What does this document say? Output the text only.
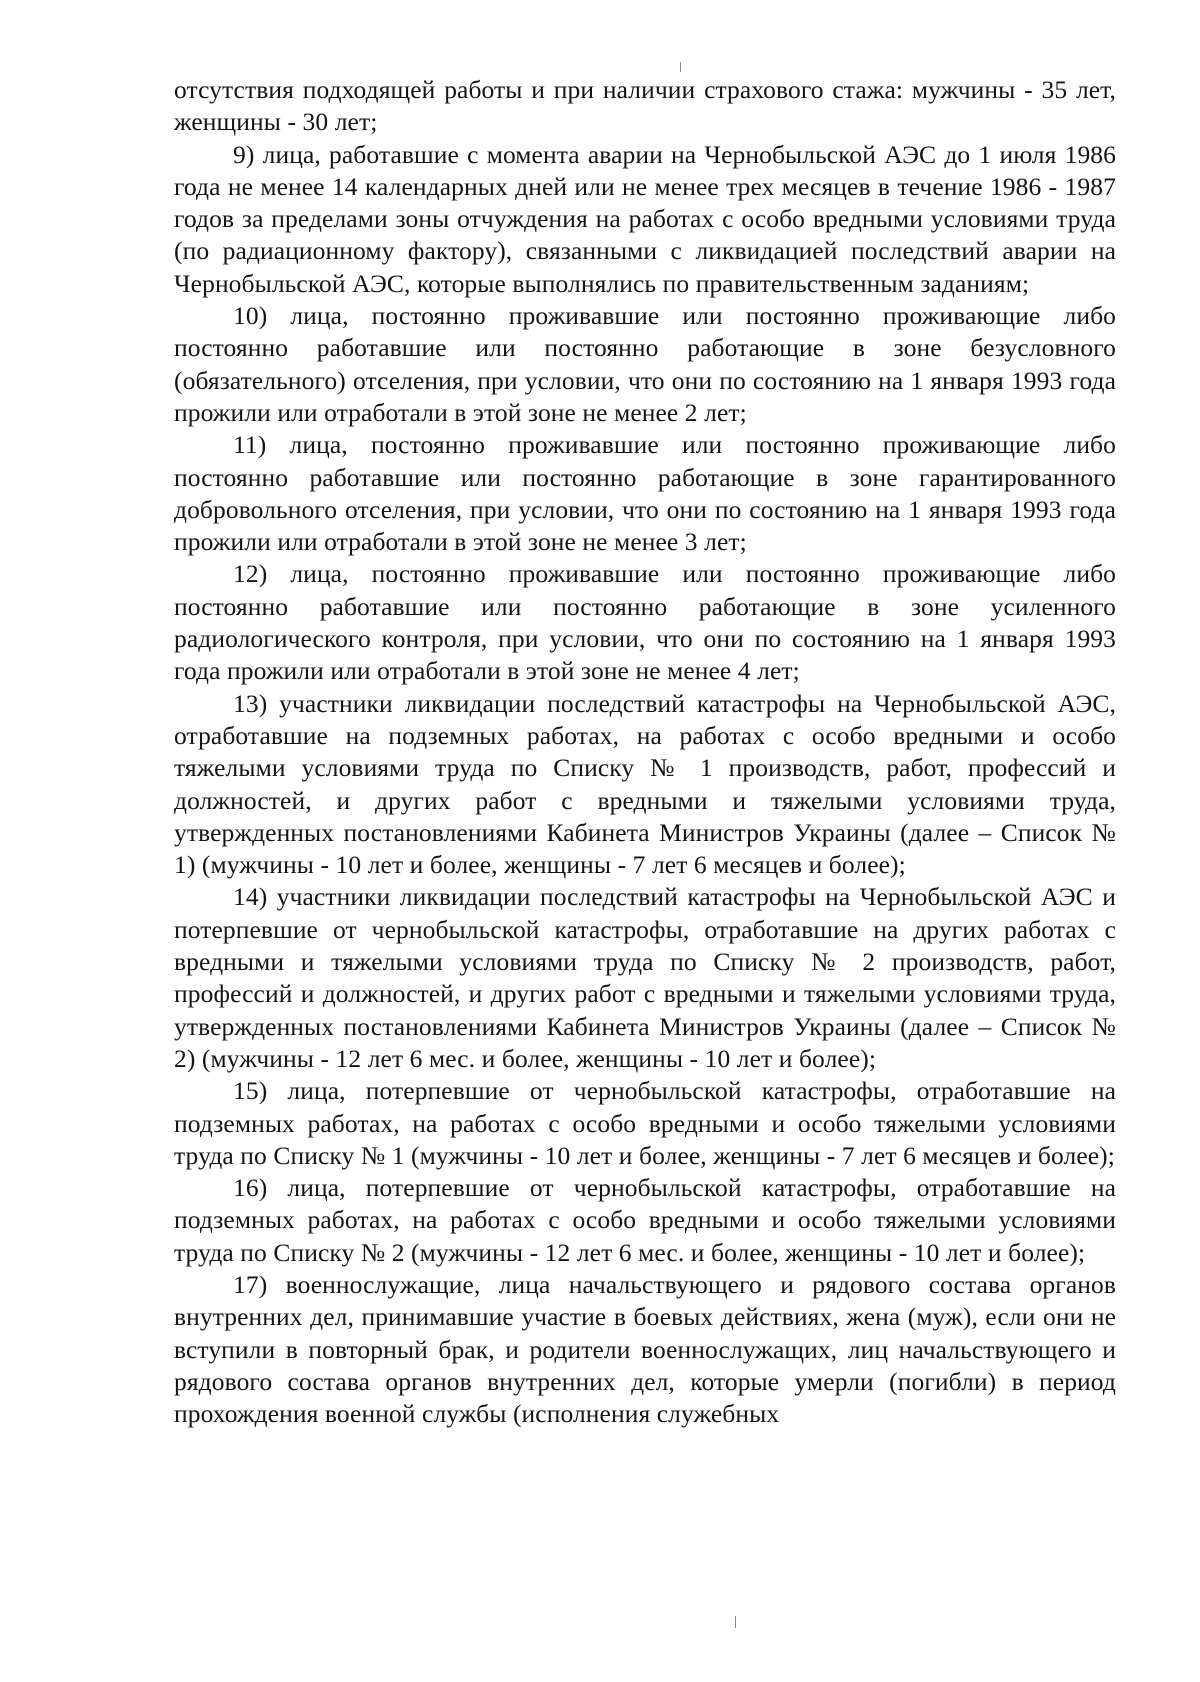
отсутствия подходящей работы и при наличии страхового стажа: мужчины - 35 лет, женщины - 30 лет;

9) лица, работавшие с момента аварии на Чернобыльской АЭС до 1 июля 1986 года не менее 14 календарных дней или не менее трех месяцев в течение 1986 - 1987 годов за пределами зоны отчуждения на работах с особо вредными условиями труда (по радиационному фактору), связанными с ликвидацией последствий аварии на Чернобыльской АЭС, которые выполнялись по правительственным заданиям;

10) лица, постоянно проживавшие или постоянно проживающие либо постоянно работавшие или постоянно работающие в зоне безусловного (обязательного) отселения, при условии, что они по состоянию на 1 января 1993 года прожили или отработали в этой зоне не менее 2 лет;

11) лица, постоянно проживавшие или постоянно проживающие либо постоянно работавшие или постоянно работающие в зоне гарантированного добровольного отселения, при условии, что они по состоянию на 1 января 1993 года прожили или отработали в этой зоне не менее 3 лет;

12) лица, постоянно проживавшие или постоянно проживающие либо постоянно работавшие или постоянно работающие в зоне усиленного радиологического контроля, при условии, что они по состоянию на 1 января 1993 года прожили или отработали в этой зоне не менее 4 лет;

13) участники ликвидации последствий катастрофы на Чернобыльской АЭС, отработавшие на подземных работах, на работах с особо вредными и особо тяжелыми условиями труда по Списку № 1 производств, работ, профессий и должностей, и других работ с вредными и тяжелыми условиями труда, утвержденных постановлениями Кабинета Министров Украины (далее – Список № 1) (мужчины - 10 лет и более, женщины - 7 лет 6 месяцев и более);

14) участники ликвидации последствий катастрофы на Чернобыльской АЭС и потерпевшие от чернобыльской катастрофы, отработавшие на других работах с вредными и тяжелыми условиями труда по Списку № 2 производств, работ, профессий и должностей, и других работ с вредными и тяжелыми условиями труда, утвержденных постановлениями Кабинета Министров Украины (далее – Список № 2) (мужчины - 12 лет 6 мес. и более, женщины - 10 лет и более);

15) лица, потерпевшие от чернобыльской катастрофы, отработавшие на подземных работах, на работах с особо вредными и особо тяжелыми условиями труда по Списку № 1 (мужчины - 10 лет и более, женщины - 7 лет 6 месяцев и более);

16) лица, потерпевшие от чернобыльской катастрофы, отработавшие на подземных работах, на работах с особо вредными и особо тяжелыми условиями труда по Списку № 2 (мужчины - 12 лет 6 мес. и более, женщины - 10 лет и более);

17) военнослужащие, лица начальствующего и рядового состава органов внутренних дел, принимавшие участие в боевых действиях, жена (муж), если они не вступили в повторный брак, и родители военнослужащих, лиц начальствующего и рядового состава органов внутренних дел, которые умерли (погибли) в период прохождения военной службы (исполнения служебных
